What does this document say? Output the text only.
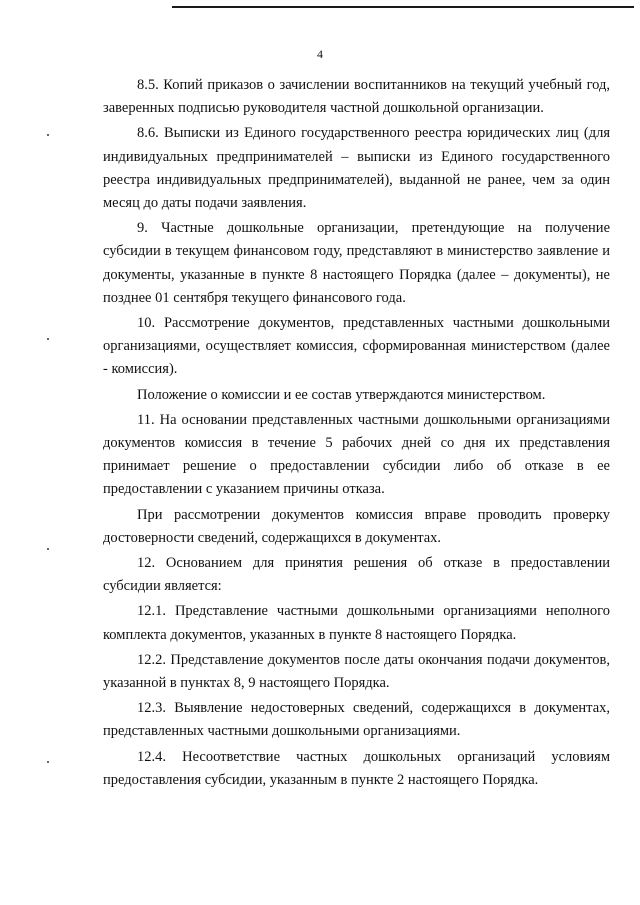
4

8.5. Копий приказов о зачислении воспитанников на текущий учебный год, заверенных подписью руководителя частной дошкольной организации.

8.6. Выписки из Единого государственного реестра юридических лиц (для индивидуальных предпринимателей – выписки из Единого государственного реестра индивидуальных предпринимателей), выданной не ранее, чем за один месяц до даты подачи заявления.

9. Частные дошкольные организации, претендующие на получение субсидии в текущем финансовом году, представляют в министерство заявление и документы, указанные в пункте 8 настоящего Порядка (далее – документы), не позднее 01 сентября текущего финансового года.

10. Рассмотрение документов, представленных частными дошкольными организациями, осуществляет комиссия, сформированная министерством (далее - комиссия).

Положение о комиссии и ее состав утверждаются министерством.

11. На основании представленных частными дошкольными организациями документов комиссия в течение 5 рабочих дней со дня их представления принимает решение о предоставлении субсидии либо об отказе в ее предоставлении с указанием причины отказа.

При рассмотрении документов комиссия вправе проводить проверку достоверности сведений, содержащихся в документах.

12. Основанием для принятия решения об отказе в предоставлении субсидии является:

12.1. Представление частными дошкольными организациями неполного комплекта документов, указанных в пункте 8 настоящего Порядка.

12.2. Представление документов после даты окончания подачи документов, указанной в пунктах 8, 9 настоящего Порядка.

12.3. Выявление недостоверных сведений, содержащихся в документах, представленных частными дошкольными организациями.

12.4. Несоответствие частных дошкольных организаций условиям предоставления субсидии, указанным в пункте 2 настоящего Порядка.
